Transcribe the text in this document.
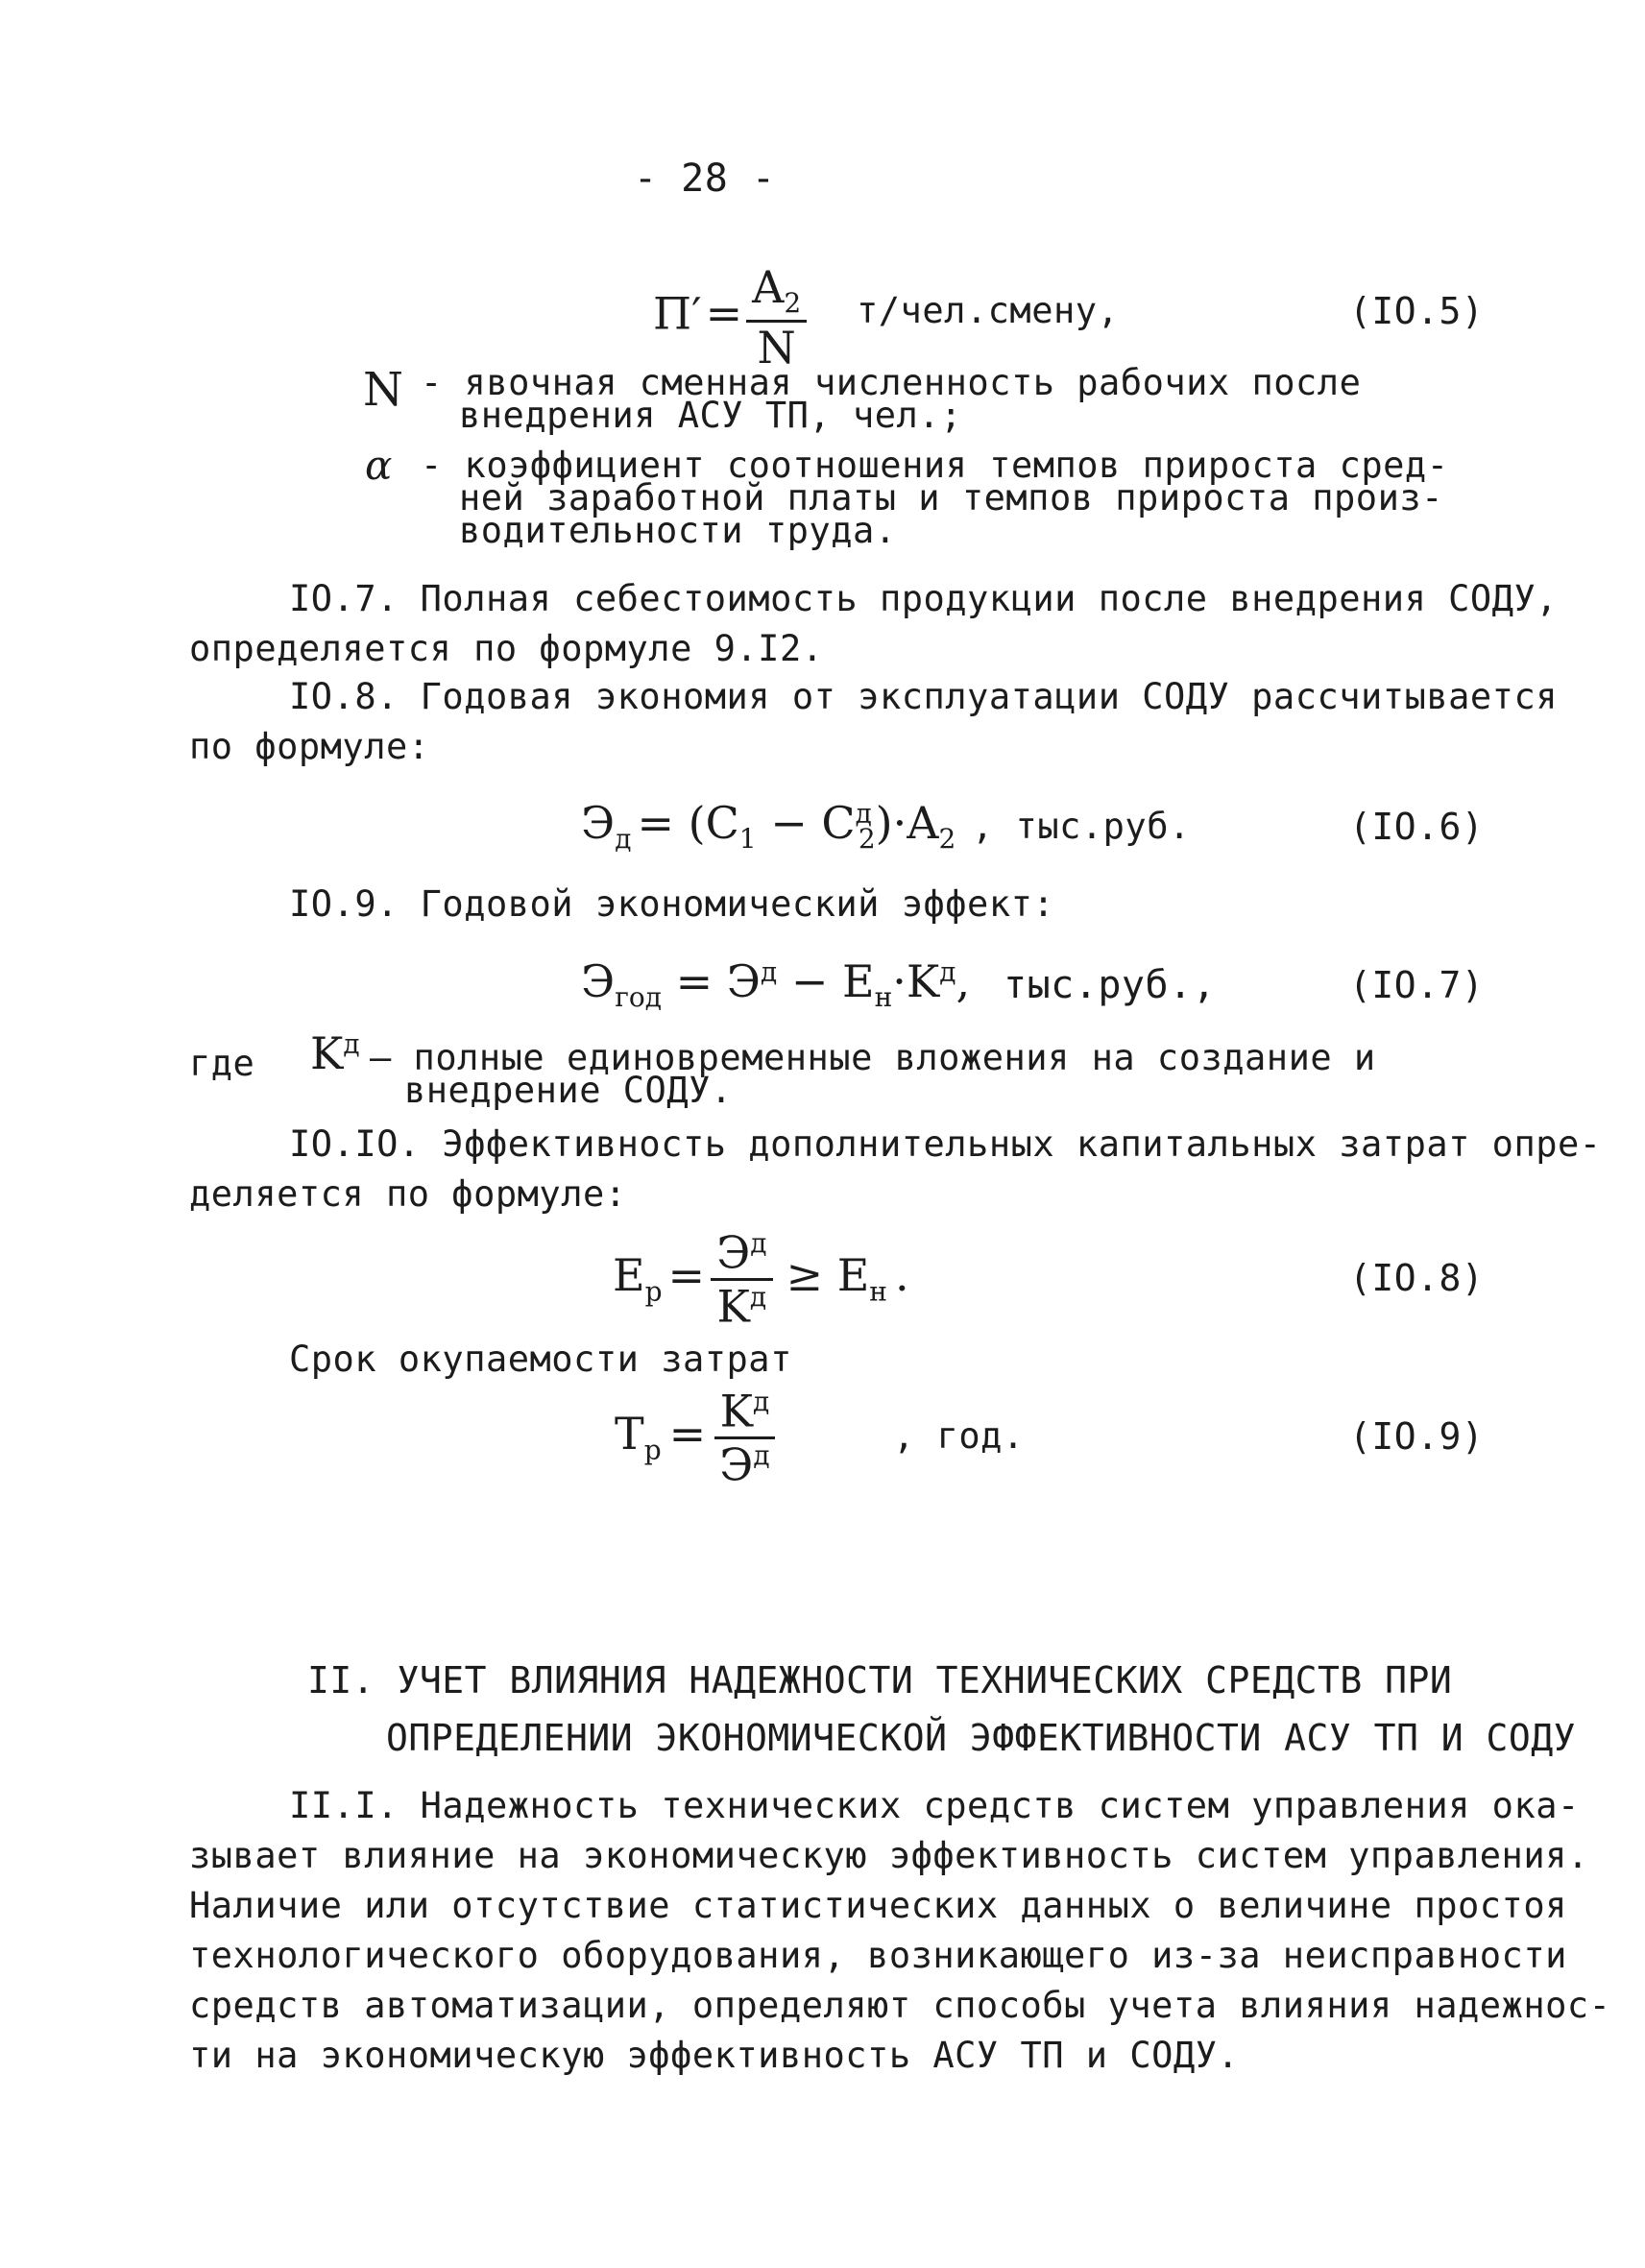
- 28 -
$П'= \frac{A_2}{N}$ т/чел.смену,	(IO.5)
N - явочная сменная численность рабочих после
внедрения АСУ ТП, чел.;
α - коэффициент соотношения темпов прироста сред-
ней заработной платы и темпов прироста произ-
водительности труда.
IO.7. Полная себестоимость продукции после внедрения СОДУ,
определяется по формуле 9.I2.
IO.8. Годовая экономия от эксплуатации СОДУ рассчитывается
по формуле:
$Э_д = (C_1 - C^д_2)\cdot A_2$ , тыс.руб.	(IO.6)
IO.9. Годовой экономический эффект:
$Э_{год} = Э^д - E_н\cdot K^д$, тыс.руб.,	(IO.7)
где $K^д$ – полные единовременные вложения на создание и
внедрение СОДУ.
IO.IO. Эффективность дополнительных капитальных затрат опре-
деляется по формуле:
$E_р = \frac{Э^д}{K^д} \ge E_н$ .	(IO.8)
Срок окупаемости затрат
$T_р = \frac{K^д}{Э^д}$	, год.	(IO.9)
II. УЧЕТ ВЛИЯНИЯ НАДЕЖНОСТИ ТЕХНИЧЕСКИХ СРЕДСТВ ПРИ
ОПРЕДЕЛЕНИИ ЭКОНОМИЧЕСКОЙ ЭФФЕКТИВНОСТИ АСУ ТП И СОДУ
II.I. Надежность технических средств систем управления ока-
зывает влияние на экономическую эффективность систем управления.
Наличие или отсутствие статистических данных о величине простоя
технологического оборудования, возникающего из-за неисправности
средств автоматизации, определяют способы учета влияния надежнос-
ти на экономическую эффективность АСУ ТП и СОДУ.
